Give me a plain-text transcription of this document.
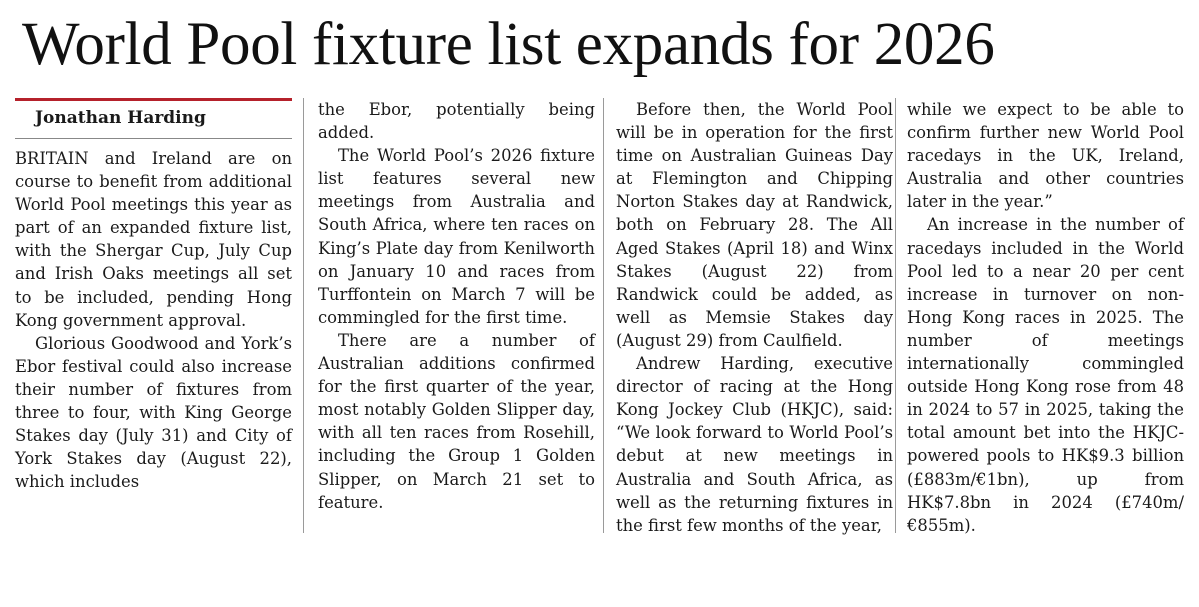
World Pool fixture list expands for 2026

Jonathan Harding

BRITAIN and Ireland are on course to benefit from additional World Pool meetings this year as part of an expanded fixture list, with the Shergar Cup, July Cup and Irish Oaks meetings all set to be included, pending Hong Kong government approval.

Glorious Goodwood and York’s Ebor festival could also increase their number of fixtures from three to four, with King George Stakes day (July 31) and City of York Stakes day (August 22), which includes

the Ebor, potentially being added.

The World Pool’s 2026 fixture list features several new meetings from Australia and South Africa, where ten races on King’s Plate day from Kenilworth on January 10 and races from Turffontein on March 7 will be commingled for the first time.

There are a number of Australian additions confirmed for the first quarter of the year, most notably Golden Slipper day, with all ten races from Rosehill, including the Group 1 Golden Slipper, on March 21 set to feature.

Before then, the World Pool will be in operation for the first time on Australian Guineas Day at Flemington and Chipping Norton Stakes day at Randwick, both on February 28. The All Aged Stakes (April 18) and Winx Stakes (August 22) from Randwick could be added, as well as Memsie Stakes day (August 29) from Caulfield.

Andrew Harding, executive director of racing at the Hong Kong Jockey Club (HKJC), said: “We look forward to World Pool’s debut at new meetings in Australia and South Africa, as well as the returning fixtures in the first few months of the year,

while we expect to be able to confirm further new World Pool racedays in the UK, Ireland, Australia and other countries later in the year.”

An increase in the number of racedays included in the World Pool led to a near 20 per cent increase in turnover on non-Hong Kong races in 2025. The number of meetings internationally commingled outside Hong Kong rose from 48 in 2024 to 57 in 2025, taking the total amount bet into the HKJC-powered pools to HK$9.3 billion (£883m/€1bn), up from HK$7.8bn in 2024 (£740m/€855m).
